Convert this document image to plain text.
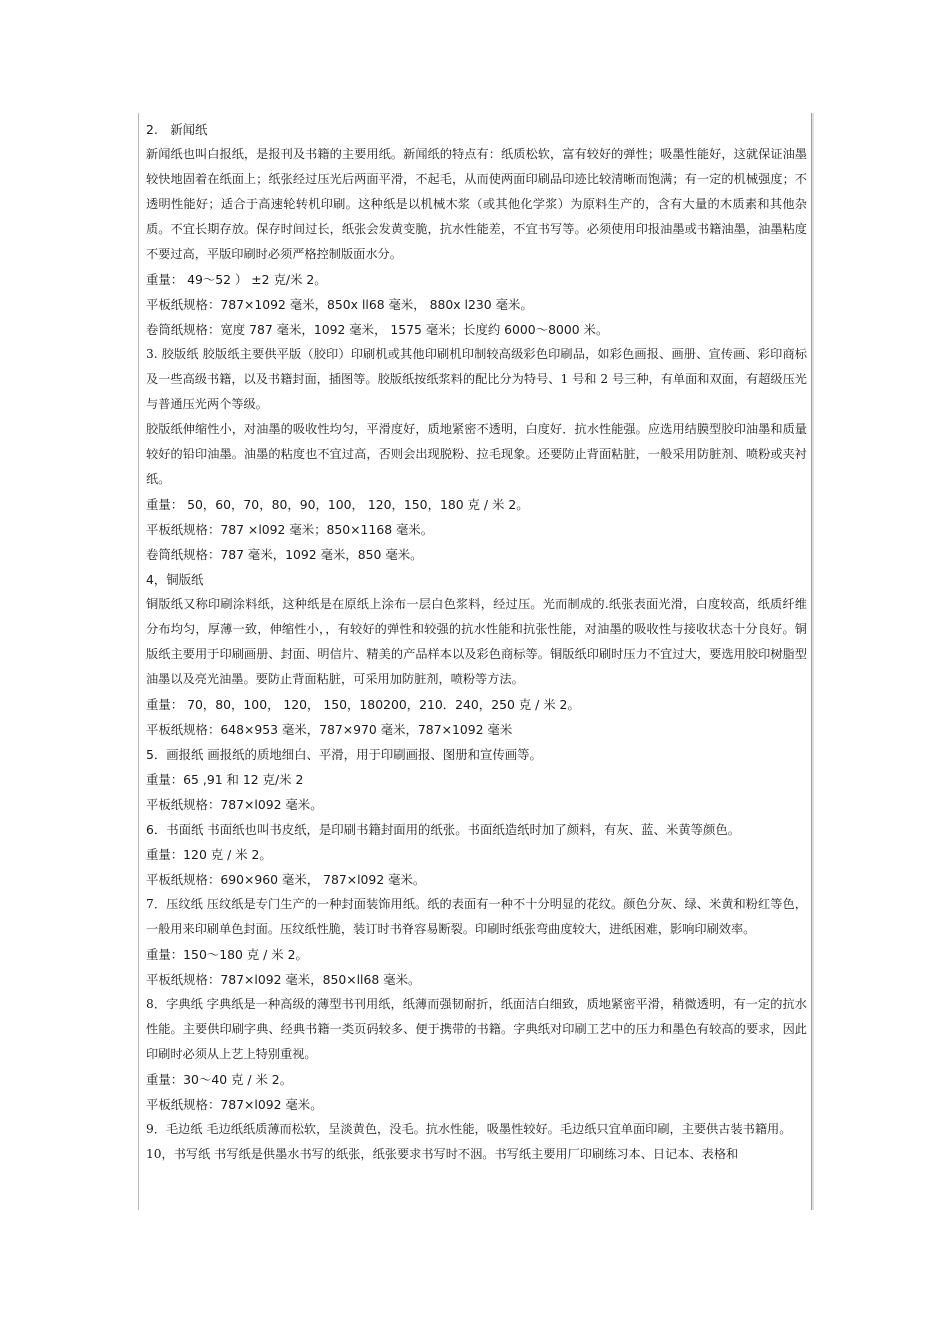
2.　新闻纸
新闻纸也叫白报纸，是报刊及书籍的主要用纸。新闻纸的特点有：纸质松软，富有较好的弹性；吸墨性能好，这就保证油墨较快地固着在纸面上；纸张经过压光后两面平滑，不起毛，从而使两面印刷品印迹比较清晰而饱满；有一定的机械强度；不透明性能好；适合于高速轮转机印刷。这种纸是以机械木浆（或其他化学浆）为原料生产的，含有大量的木质素和其他杂质。不宜长期存放。保存时间过长，纸张会发黄变脆，抗水性能差，不宜书写等。必须使用印报油墨或书籍油墨，油墨粘度不要过高，平版印刷时必须严格控制版面水分。
重量： 49～52 ） ±2 克/米 2。
平板纸规格：787×1092 毫米，850x ll68 毫米， 880x l230 毫米。
卷筒纸规格：宽度 787 毫米，1092 毫米， 1575 毫米；长度约 6000～8000 米。
3. 胶版纸 胶版纸主要供平版（胶印）印刷机或其他印刷机印制较高级彩色印刷品，如彩色画报、画册、宣传画、彩印商标及一些高级书籍，以及书籍封面，插图等。胶版纸按纸浆料的配比分为特号、1 号和 2 号三种，有单面和双面，有超级压光与普通压光两个等级。
胶版纸伸缩性小，对油墨的吸收性均匀，平滑度好，质地紧密不透明，白度好．抗水性能强。应选用结膜型胶印油墨和质量较好的铅印油墨。油墨的粘度也不宜过高，否则会出现脱粉、拉毛现象。还要防止背面粘脏，一般采用防脏剂、喷粉或夹衬纸。
重量： 50，60，70，80，90，100， 120，150，180 克 / 米 2。
平板纸规格：787 ×l092 毫米；850×1168 毫米。
卷筒纸规格：787 毫米，1092 毫米，850 毫米。
4，铜版纸
铜版纸又称印刷涂料纸，这种纸是在原纸上涂布一层白色浆料，经过压。光而制成的.纸张表面光滑，白度较高，纸质纤维分布均匀，厚薄一致，伸缩性小，，有较好的弹性和较强的抗水性能和抗张性能，对油墨的吸收性与接收状态十分良好。铜版纸主要用于印刷画册、封面、明信片、精美的产品样本以及彩色商标等。铜版纸印刷时压力不宜过大，要选用胶印树脂型油墨以及亮光油墨。要防止背面粘脏，可采用加防脏剂，喷粉等方法。
重量： 70，80，100， 120， 150，180200，210．240，250 克 / 米 2。
平板纸规格：648×953 毫米，787×970 毫米，787×1092 毫米
5．画报纸 画报纸的质地细白、平滑，用于印刷画报、图册和宣传画等。
重量：65 ,91 和 12 克/米 2
平板纸规格：787×l092 毫米。
6．书面纸 书面纸也叫书皮纸，是印刷书籍封面用的纸张。书面纸造纸时加了颜料，有灰、蓝、米黄等颜色。
重量：120 克 / 米 2。
平板纸规格：690×960 毫米， 787×l092 毫米。
7．压纹纸 压纹纸是专门生产的一种封面装饰用纸。纸的表面有一种不十分明显的花纹。颜色分灰、绿、米黄和粉红等色，一般用来印刷单色封面。压纹纸性脆，装订时书脊容易断裂。印刷时纸张弯曲度较大，进纸困难，影响印刷效率。
重量：150～180 克 / 米 2。
平板纸规格：787×l092 毫米，850×ll68 毫米。
8．字典纸 字典纸是一种高级的薄型书刊用纸，纸薄而强韧耐折，纸面洁白细致，质地紧密平滑，稍微透明，有一定的抗水性能。主要供印刷字典、经典书籍一类页码较多、便于携带的书籍。字典纸对印刷工艺中的压力和墨色有较高的要求，因此印刷时必须从上艺上特别重视。
重量：30～40 克 / 米 2。
平板纸规格：787×l092 毫米。
9．毛边纸 毛边纸纸质薄而松软，呈淡黄色，没毛。抗水性能，吸墨性较好。毛边纸只宜单面印刷，主要供古装书籍用。
10，书写纸 书写纸是供墨水书写的纸张，纸张要求书写时不洇。书写纸主要用厂印刷练习本、日记本、表格和
